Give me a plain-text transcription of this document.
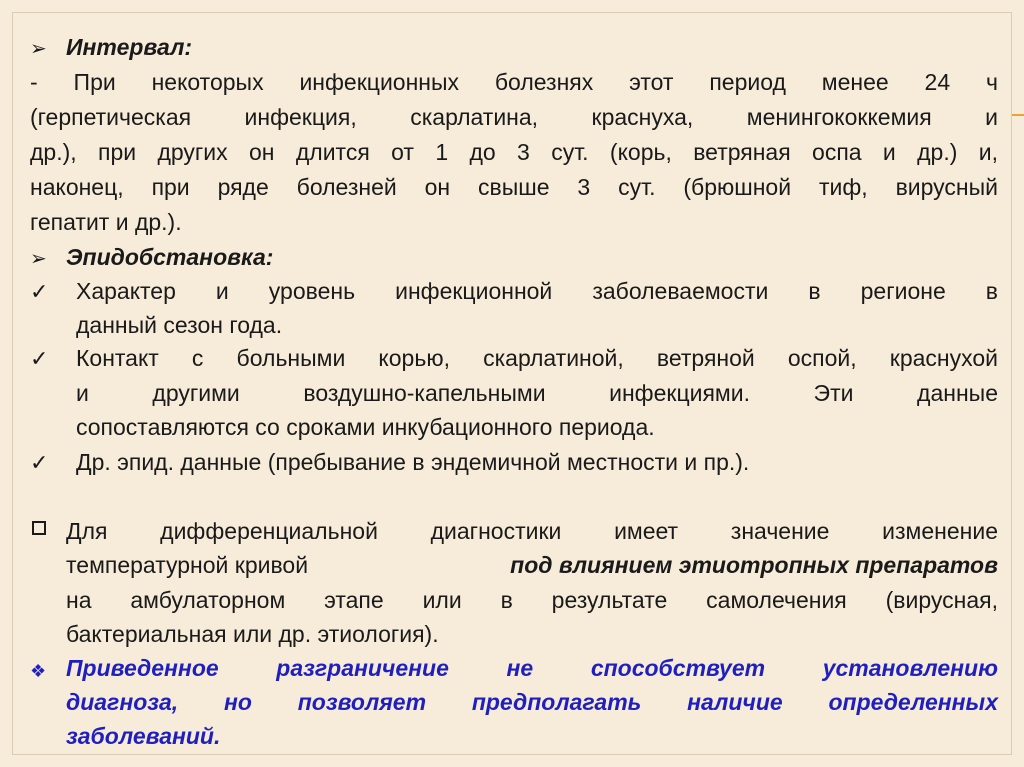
➢ Интервал:
- При некоторых инфекционных болезнях этот период менее 24 ч
(герпетическая инфекция, скарлатина, краснуха, менингококкемия и
др.), при других он длится от 1 до 3 сут. (корь, ветряная оспа и др.) и,
наконец, при ряде болезней он свыше 3 сут. (брюшной тиф, вирусный
гепатит и др.).
➢ Эпидобстановка:
✓ Характер и уровень инфекционной заболеваемости в регионе в
данный сезон года.
✓ Контакт с больными корью, скарлатиной, ветряной оспой, краснухой
и другими воздушно-капельными инфекциями. Эти данные
сопоставляются со сроками инкубационного периода.
✓ Др. эпид. данные (пребывание в эндемичной местности и пр.).
Для дифференциальной диагностики имеет значение изменение
температурной кривой	под влиянием этиотропных препаратов
на амбулаторном этапе или в результате самолечения (вирусная,
бактериальная или др. этиология).
❖ Приведенное разграничение не способствует установлению
диагноза, но позволяет предполагать наличие определенных
заболеваний.
